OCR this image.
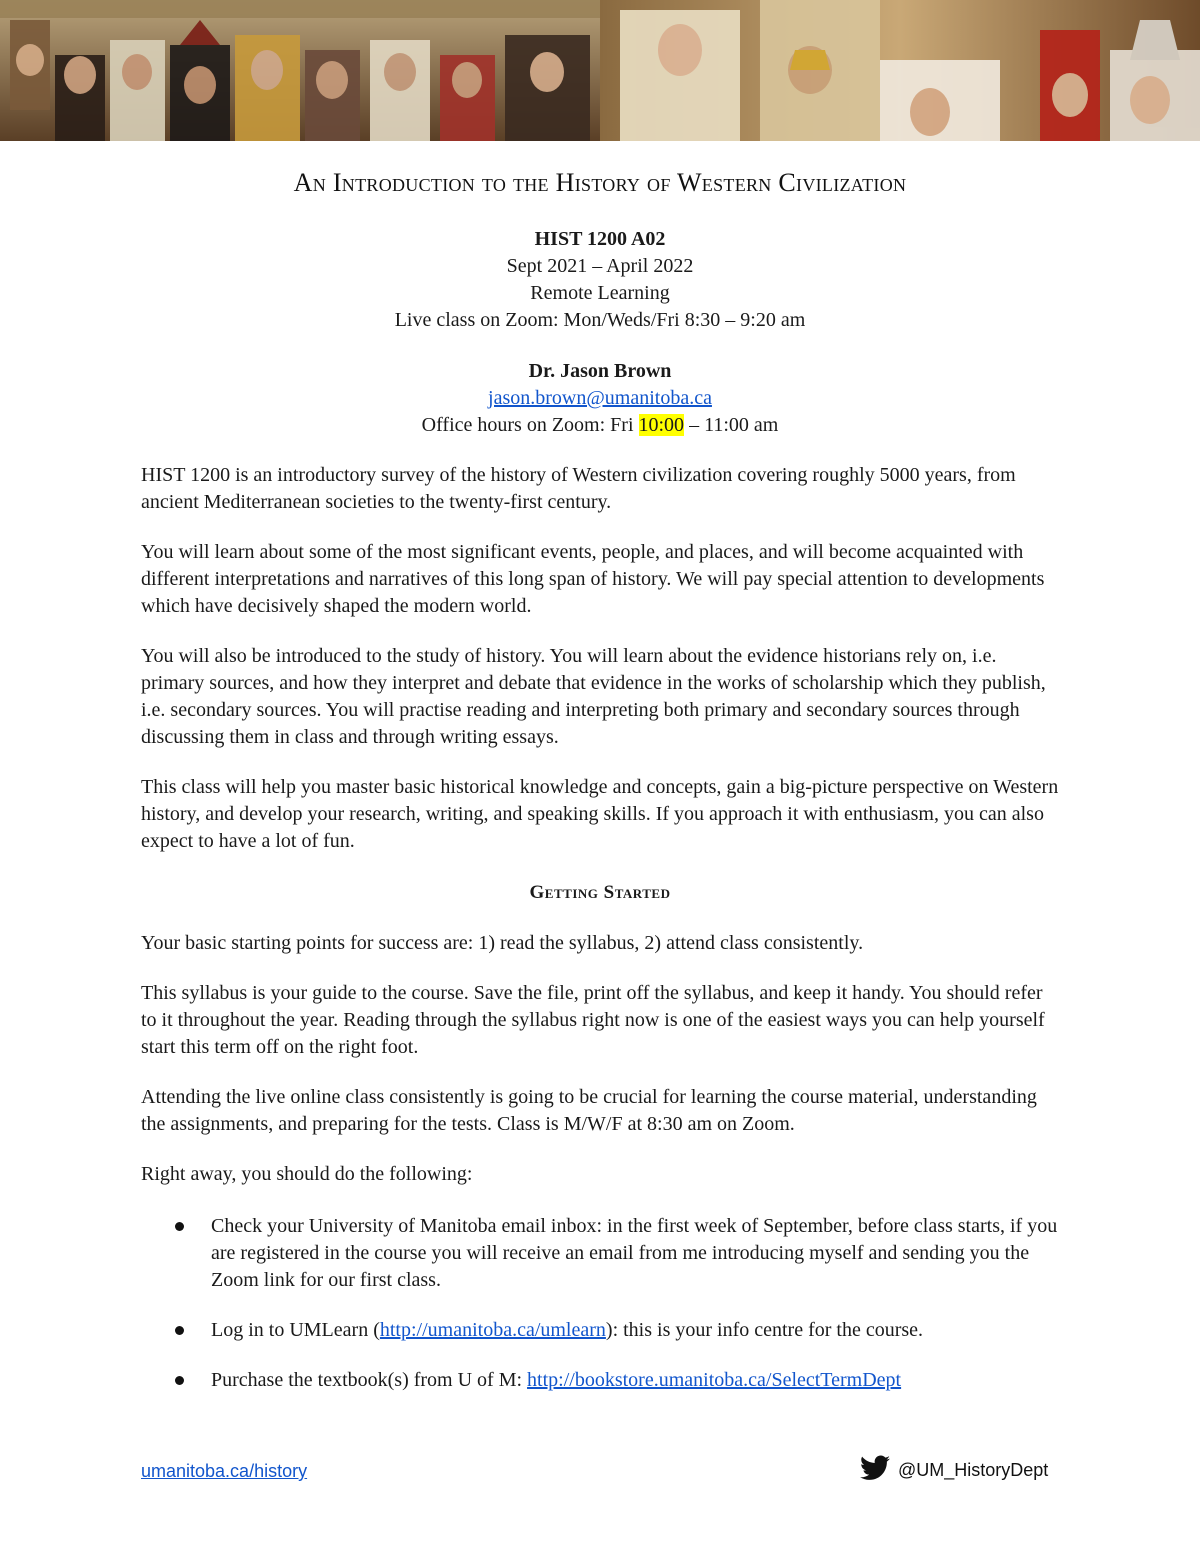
An Introduction to the History of Western Civilization
HIST 1200 A02
Sept 2021 – April 2022
Remote Learning
Live class on Zoom: Mon/Weds/Fri 8:30 – 9:20 am
Dr. Jason Brown
jason.brown@umanitoba.ca
Office hours on Zoom: Fri 10:00 – 11:00 am

HIST 1200 is an introductory survey of the history of Western civilization covering roughly 5000 years, from ancient Mediterranean societies to the twenty-first century.

You will learn about some of the most significant events, people, and places, and will become acquainted with different interpretations and narratives of this long span of history. We will pay special attention to developments which have decisively shaped the modern world.

You will also be introduced to the study of history. You will learn about the evidence historians rely on, i.e. primary sources, and how they interpret and debate that evidence in the works of scholarship which they publish, i.e. secondary sources. You will practise reading and interpreting both primary and secondary sources through discussing them in class and through writing essays.

This class will help you master basic historical knowledge and concepts, gain a big-picture perspective on Western history, and develop your research, writing, and speaking skills. If you approach it with enthusiasm, you can also expect to have a lot of fun.

Getting Started

Your basic starting points for success are: 1) read the syllabus, 2) attend class consistently.

This syllabus is your guide to the course. Save the file, print off the syllabus, and keep it handy. You should refer to it throughout the year. Reading through the syllabus right now is one of the easiest ways you can help yourself start this term off on the right foot.

Attending the live online class consistently is going to be crucial for learning the course material, understanding the assignments, and preparing for the tests. Class is M/W/F at 8:30 am on Zoom.

Right away, you should do the following:

Check your University of Manitoba email inbox: in the first week of September, before class starts, if you are registered in the course you will receive an email from me introducing myself and sending you the Zoom link for our first class.
Log in to UMLearn (http://umanitoba.ca/umlearn): this is your info centre for the course.
Purchase the textbook(s) from U of M: http://bookstore.umanitoba.ca/SelectTermDept
umanitoba.ca/history	@UM_HistoryDept
